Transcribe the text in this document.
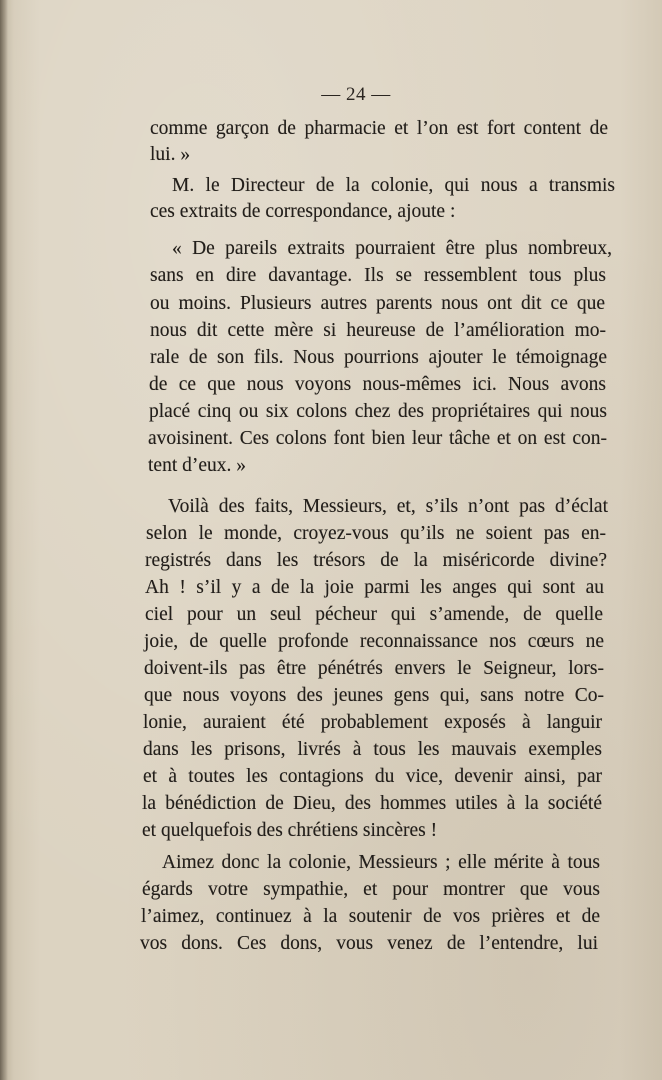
— 24 —
comme garçon de pharmacie et l’on est fort content de
lui. »
M. le Directeur de la colonie, qui nous a transmis
ces extraits de correspondance, ajoute :
« De pareils extraits pourraient être plus nombreux,
sans en dire davantage. Ils se ressemblent tous plus
ou moins. Plusieurs autres parents nous ont dit ce que
nous dit cette mère si heureuse de l’amélioration mo-
rale de son fils. Nous pourrions ajouter le témoignage
de ce que nous voyons nous-mêmes ici. Nous avons
placé cinq ou six colons chez des propriétaires qui nous
avoisinent. Ces colons font bien leur tâche et on est con-
tent d’eux. »
Voilà des faits, Messieurs, et, s’ils n’ont pas d’éclat
selon le monde, croyez-vous qu’ils ne soient pas en-
registrés dans les trésors de la miséricorde divine?
Ah ! s’il y a de la joie parmi les anges qui sont au
ciel pour un seul pécheur qui s’amende, de quelle
joie, de quelle profonde reconnaissance nos cœurs ne
doivent-ils pas être pénétrés envers le Seigneur, lors-
que nous voyons des jeunes gens qui, sans notre Co-
lonie, auraient été probablement exposés à languir
dans les prisons, livrés à tous les mauvais exemples
et à toutes les contagions du vice, devenir ainsi, par
la bénédiction de Dieu, des hommes utiles à la société
et quelquefois des chrétiens sincères !
Aimez donc la colonie, Messieurs ; elle mérite à tous
égards votre sympathie, et pour montrer que vous
l’aimez, continuez à la soutenir de vos prières et de
vos dons. Ces dons, vous venez de l’entendre, lui
